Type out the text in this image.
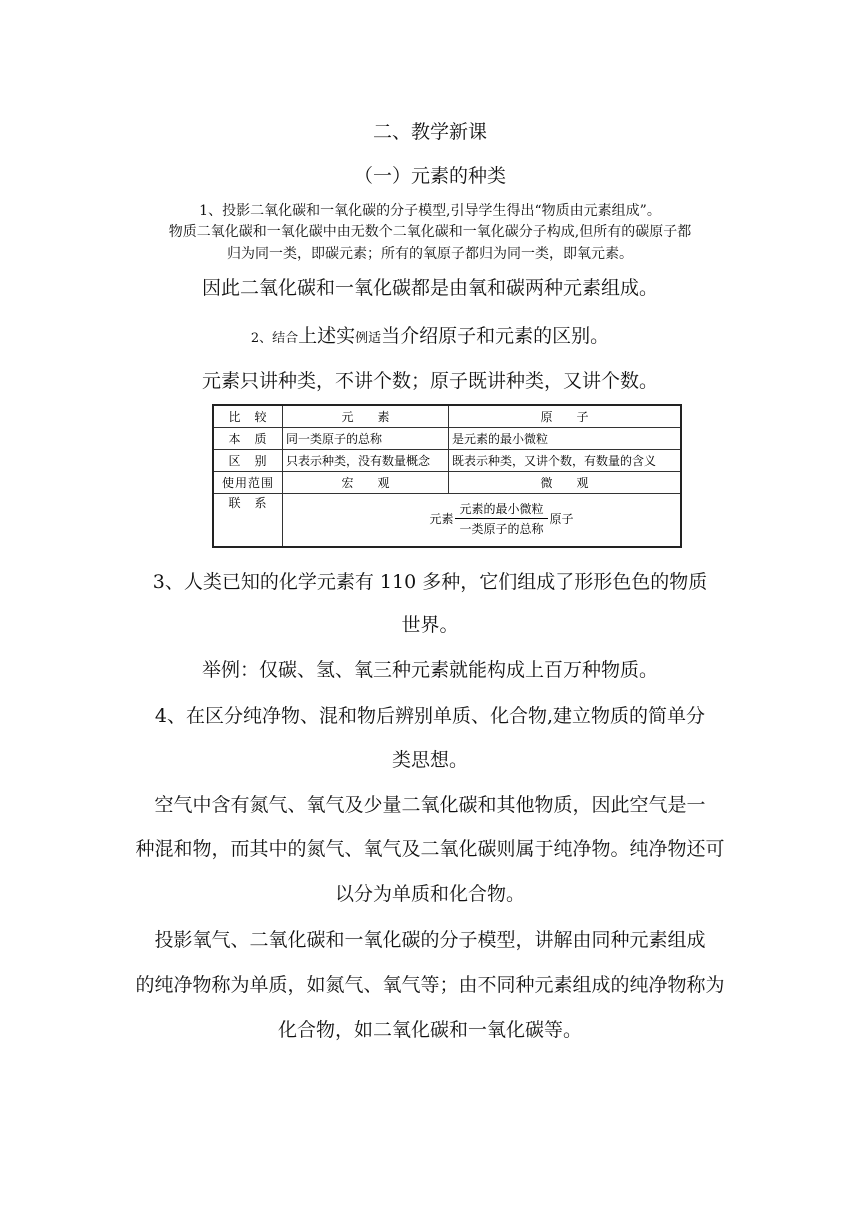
二、教学新课
（一）元素的种类
1、投影二氧化碳和一氧化碳的分子模型,引导学生得出“物质由元素组成”。
物质二氧化碳和一氧化碳中由无数个二氧化碳和一氧化碳分子构成,但所有的碳原子都
归为同一类，即碳元素；所有的氧原子都归为同一类，即氧元素。
因此二氧化碳和一氧化碳都是由氧和碳两种元素组成。
2、结合上述实例适当介绍原子和元素的区别。
元素只讲种类，不讲个数；原子既讲种类，又讲个数。
比　较	元　　素	原　　子
本　质	同一类原子的总称	是元素的最小微粒
区　别	只表示种类，没有数量概念	既表示种类，又讲个数，有数量的含义
使用范围	宏　　观	微　　观
联　系	元素 $\frac{\text{元素的最小微粒}}{\text{一类原子的总称}}$ 原子	
3、人类已知的化学元素有 110 多种，它们组成了形形色色的物质
世界。
举例：仅碳、氢、氧三种元素就能构成上百万种物质。
4、在区分纯净物、混和物后辨别单质、化合物,建立物质的简单分
类思想。
空气中含有氮气、氧气及少量二氧化碳和其他物质，因此空气是一
种混和物，而其中的氮气、氧气及二氧化碳则属于纯净物。纯净物还可
以分为单质和化合物。
投影氧气、二氧化碳和一氧化碳的分子模型，讲解由同种元素组成
的纯净物称为单质，如氮气、氧气等；由不同种元素组成的纯净物称为
化合物，如二氧化碳和一氧化碳等。
